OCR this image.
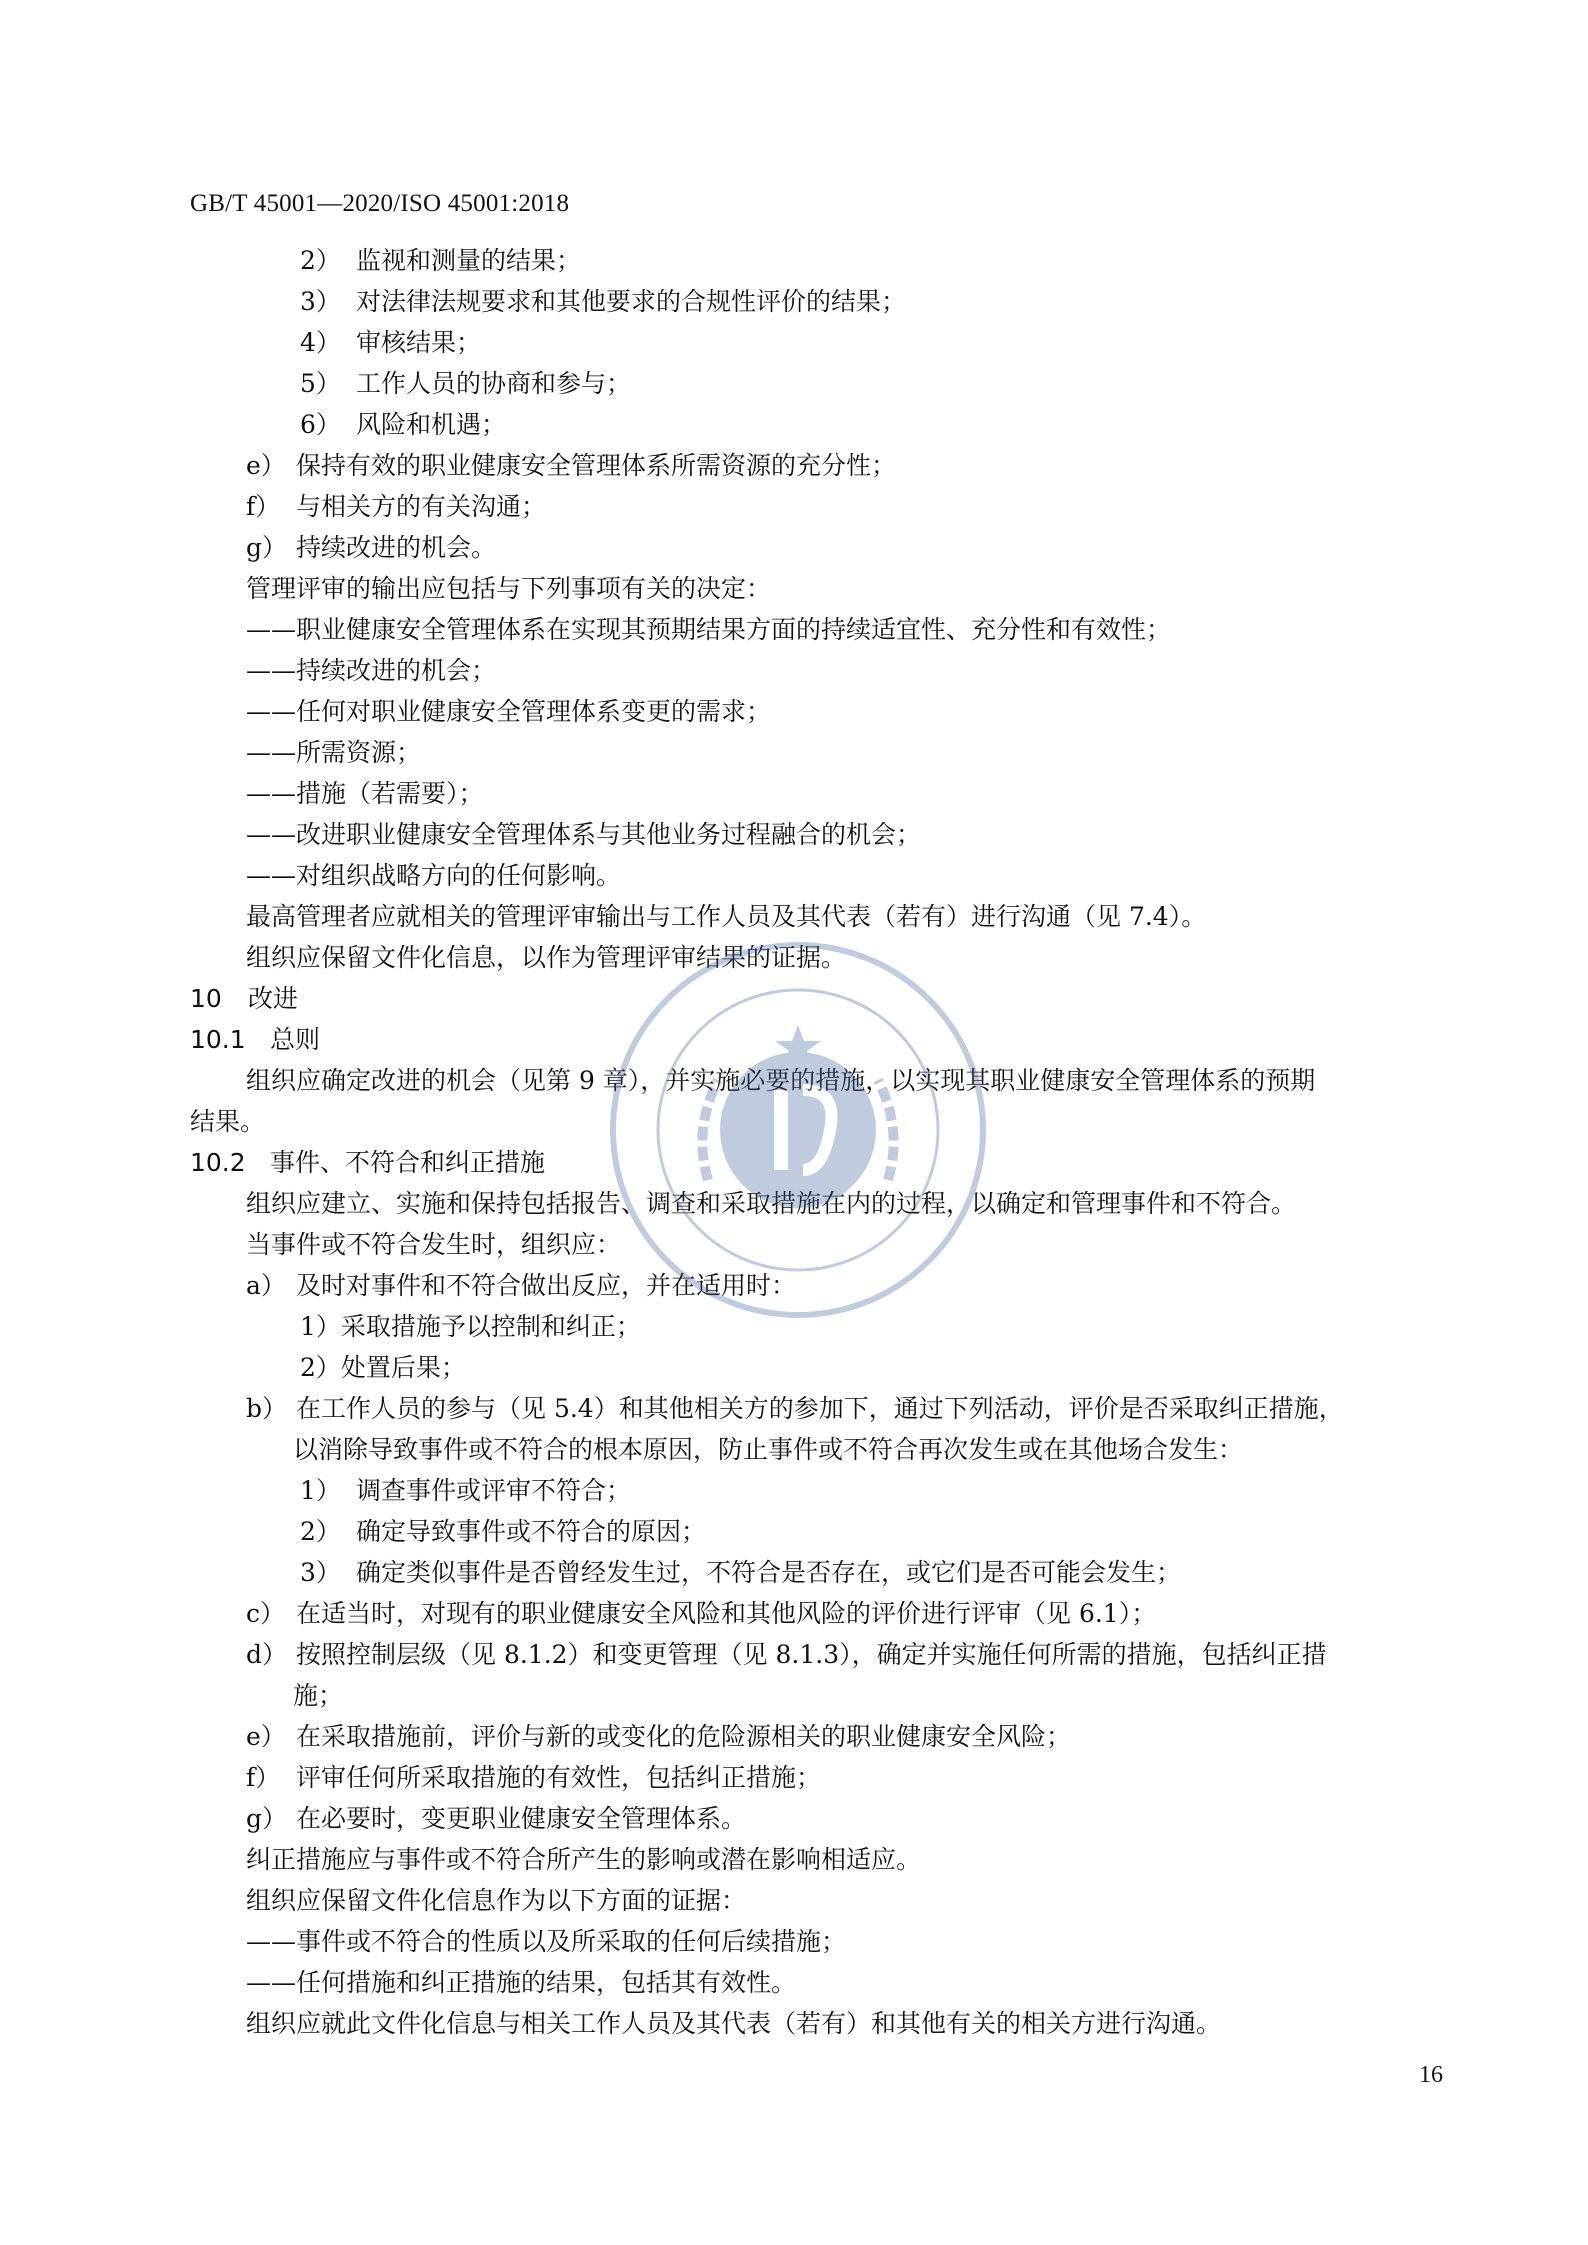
GB/T 45001—2020/ISO 45001:2018
2） 监视和测量的结果；
3） 对法律法规要求和其他要求的合规性评价的结果；
4） 审核结果；
5） 工作人员的协商和参与；
6） 风险和机遇；
e） 保持有效的职业健康安全管理体系所需资源的充分性；
f） 与相关方的有关沟通；
g） 持续改进的机会。
管理评审的输出应包括与下列事项有关的决定：
——职业健康安全管理体系在实现其预期结果方面的持续适宜性、充分性和有效性；
——持续改进的机会；
——任何对职业健康安全管理体系变更的需求；
——所需资源；
——措施（若需要）；
——改进职业健康安全管理体系与其他业务过程融合的机会；
——对组织战略方向的任何影响。
最高管理者应就相关的管理评审输出与工作人员及其代表（若有）进行沟通（见 7.4）。
组织应保留文件化信息，以作为管理评审结果的证据。
10 改进
10.1 总则
组织应确定改进的机会（见第 9 章），并实施必要的措施，以实现其职业健康安全管理体系的预期
结果。
10.2 事件、不符合和纠正措施
组织应建立、实施和保持包括报告、调查和采取措施在内的过程，以确定和管理事件和不符合。
当事件或不符合发生时，组织应：
a） 及时对事件和不符合做出反应，并在适用时：
1）采取措施予以控制和纠正；
2）处置后果；
b） 在工作人员的参与（见 5.4）和其他相关方的参加下，通过下列活动，评价是否采取纠正措施，
以消除导致事件或不符合的根本原因，防止事件或不符合再次发生或在其他场合发生：
1） 调查事件或评审不符合；
2） 确定导致事件或不符合的原因；
3） 确定类似事件是否曾经发生过，不符合是否存在，或它们是否可能会发生；
c） 在适当时，对现有的职业健康安全风险和其他风险的评价进行评审（见 6.1）；
d） 按照控制层级（见 8.1.2）和变更管理（见 8.1.3），确定并实施任何所需的措施，包括纠正措
施；
e） 在采取措施前，评价与新的或变化的危险源相关的职业健康安全风险；
f） 评审任何所采取措施的有效性，包括纠正措施；
g） 在必要时，变更职业健康安全管理体系。
纠正措施应与事件或不符合所产生的影响或潜在影响相适应。
组织应保留文件化信息作为以下方面的证据：
——事件或不符合的性质以及所采取的任何后续措施；
——任何措施和纠正措施的结果，包括其有效性。
组织应就此文件化信息与相关工作人员及其代表（若有）和其他有关的相关方进行沟通。
16
